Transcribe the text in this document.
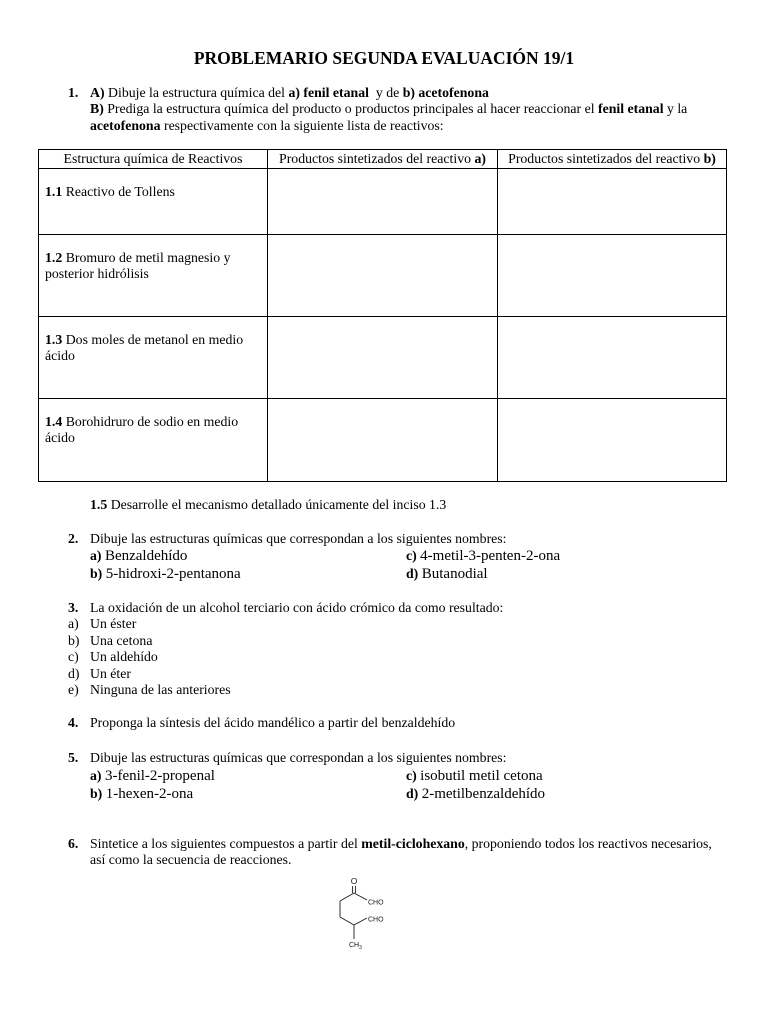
PROBLEMARIO SEGUNDA EVALUACIÓN 19/1
1. A) Dibuje la estructura química del a) fenil etanal y de b) acetofenona
B) Prediga la estructura química del producto o productos principales al hacer reaccionar el fenil etanal y la
acetofenona respectivamente con la siguiente lista de reactivos:
Estructura química de Reactivos	Productos sintetizados del reactivo a)	Productos sintetizados del reactivo b)
1.1 Reactivo de Tollens		
1.2 Bromuro de metil magnesio y posterior hidrólisis		
1.3 Dos moles de metanol en medio ácido		
1.4 Borohidruro de sodio en medio ácido		
1.5 Desarrolle el mecanismo detallado únicamente del inciso 1.3
2. Dibuje las estructuras químicas que correspondan a los siguientes nombres:
a) Benzaldehído
b) 5-hidroxi-2-pentanona
c) 4-metil-3-penten-2-ona
d) Butanodial
3. La oxidación de un alcohol terciario con ácido crómico da como resultado:
a) Un éster
b) Una cetona
c) Un aldehído
d) Un éter
e) Ninguna de las anteriores
4. Proponga la síntesis del ácido mandélico a partir del benzaldehído
5. Dibuje las estructuras químicas que correspondan a los siguientes nombres:
a) 3-fenil-2-propenal
b) 1-hexen-2-ona
c) isobutil metil cetona
d) 2-metilbenzaldehído
6. Sintetice a los siguientes compuestos a partir del metil-ciclohexano, proponiendo todos los reactivos necesarios,
así como la secuencia de reacciones.
O
CHO
CHO
$CH_3$
